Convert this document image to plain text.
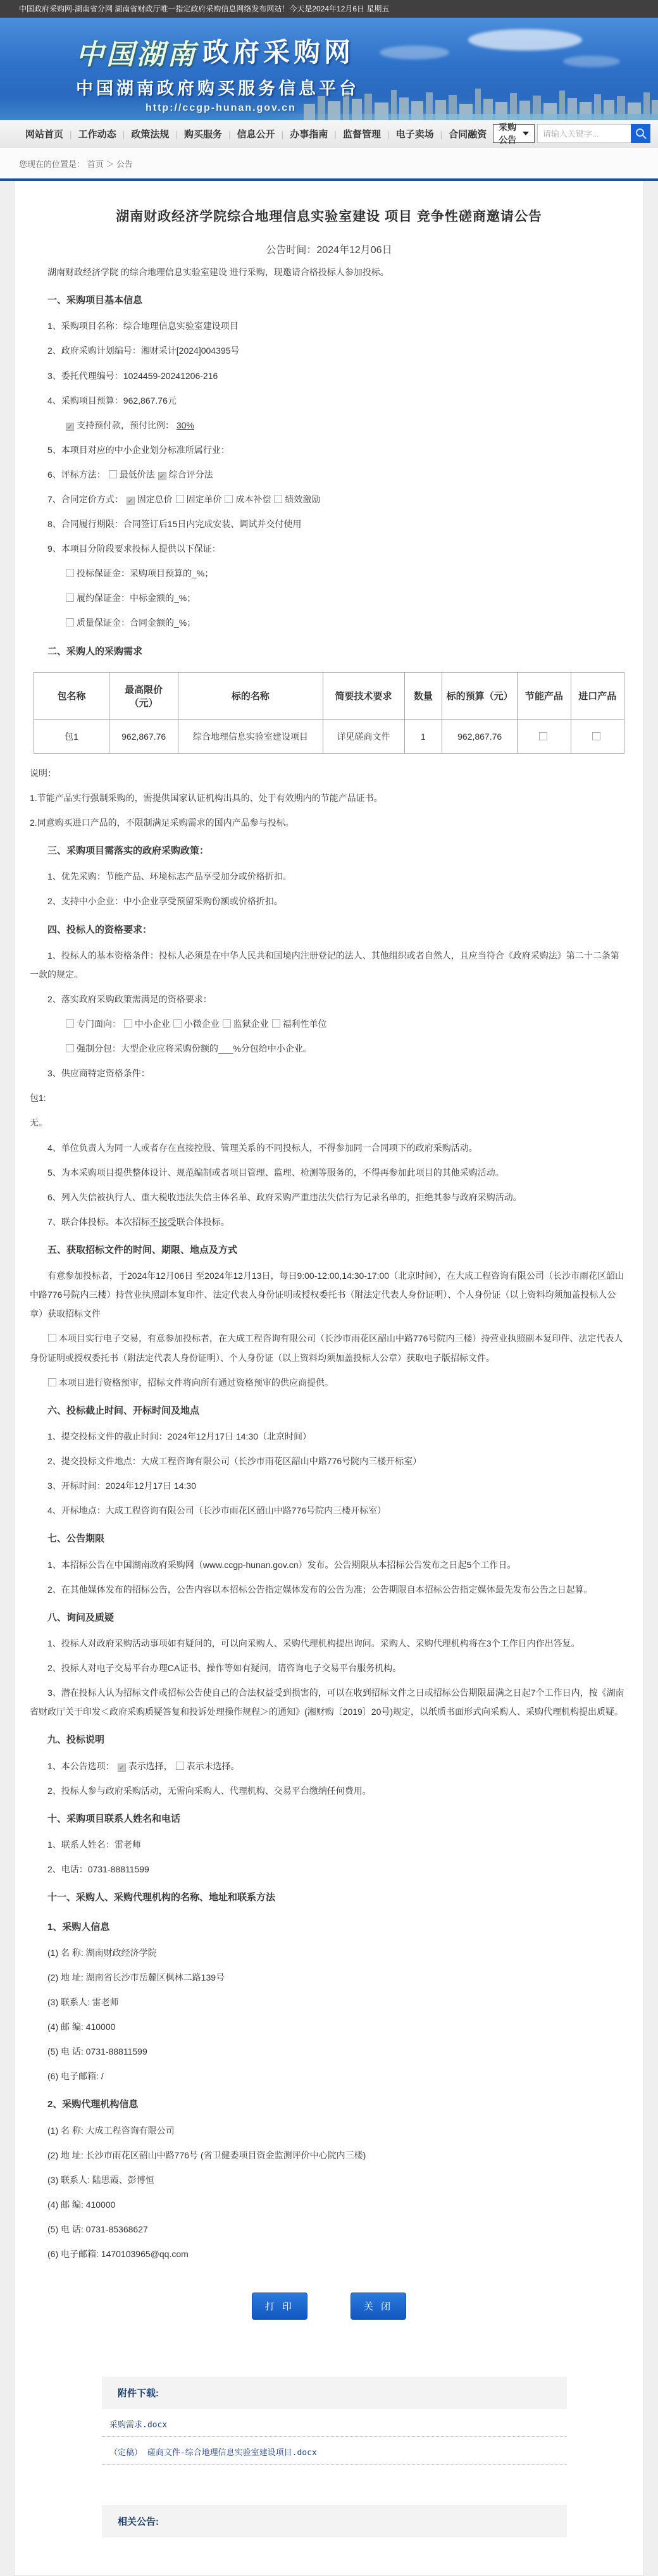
中国政府采购网-湖南省分网 湖南省财政厅唯一指定政府采购信息网络发布网站！今天是2024年12月6日 星期五
中国湖南 政府采购网
中国湖南政府购买服务信息平台
http://ccgp-hunan.gov.cn
网站首页 | 工作动态 | 政策法规 | 购买服务 | 信息公开 | 办事指南 | 监督管理 | 电子卖场 | 合同融资
采购公告
请输入关键字...
您现在的位置是： 首页 ＞ 公告
湖南财政经济学院综合地理信息实验室建设 项目 竞争性磋商邀请公告
公告时间：2024年12月06日
湖南财政经济学院 的综合地理信息实验室建设 进行采购，现邀请合格投标人参加投标。
一、采购项目基本信息
1、采购项目名称：综合地理信息实验室建设项目
2、政府采购计划编号：湘财采计[2024]004395号
3、委托代理编号：1024459-20241206-216
4、采购项目预算：962,867.76元
✓ 支持预付款，预付比例： 30%
5、本项目对应的中小企业划分标准所属行业：
6、评标方法： 最低价法 ✓ 综合评分法
7、合同定价方式： ✓ 固定总价 固定单价 成本补偿 绩效激励
8、合同履行期限：合同签订后15日内完成安装、调试并交付使用
9、本项目分阶段要求投标人提供以下保证：
投标保证金：采购项目预算的_%；
履约保证金：中标金额的_%；
质量保证金：合同金额的_%；
二、采购人的采购需求
包名称	最高限价（元）	标的名称	简要技术要求	数量	标的预算（元）	节能产品	进口产品
包1	962,867.76	综合地理信息实验室建设项目	详见磋商文件	1	962,867.76		
说明：
1.节能产品实行强制采购的，需提供国家认证机构出具的、处于有效期内的节能产品证书。
2.同意购买进口产品的，不限制满足采购需求的国内产品参与投标。
三、采购项目需落实的政府采购政策：
1、优先采购：节能产品、环境标志产品享受加分或价格折扣。
2、支持中小企业：中小企业享受预留采购份额或价格折扣。
四、投标人的资格要求：
1、投标人的基本资格条件：投标人必须是在中华人民共和国境内注册登记的法人、其他组织或者自然人，且应当符合《政府采购法》第二十二条第一款的规定。
2、落实政府采购政策需满足的资格要求：
专门面向： 中小企业 小微企业 监狱企业 福利性单位
强制分包：大型企业应将采购份额的___%分包给中小企业。
3、供应商特定资格条件：
包1:
无。
4、单位负责人为同一人或者存在直接控股、管理关系的不同投标人，不得参加同一合同项下的政府采购活动。
5、为本采购项目提供整体设计、规范编制或者项目管理、监理、检测等服务的，不得再参加此项目的其他采购活动。
6、列入失信被执行人、重大税收违法失信主体名单、政府采购严重违法失信行为记录名单的，拒绝其参与政府采购活动。
7、联合体投标。本次招标不接受联合体投标。
五、获取招标文件的时间、期限、地点及方式
有意参加投标者，于2024年12月06日 至2024年12月13日，每日9:00-12:00,14:30-17:00（北京时间），在大成工程咨询有限公司（长沙市雨花区韶山中路776号院内三楼）持营业执照副本复印件、法定代表人身份证明或授权委托书（附法定代表人身份证明）、个人身份证（以上资料均须加盖投标人公章）获取招标文件
本项目实行电子交易，有意参加投标者，在大成工程咨询有限公司（长沙市雨花区韶山中路776号院内三楼）持营业执照副本复印件、法定代表人身份证明或授权委托书（附法定代表人身份证明）、个人身份证（以上资料均须加盖投标人公章）获取电子版招标文件。
本项目进行资格预审，招标文件将向所有通过资格预审的供应商提供。
六、投标截止时间、开标时间及地点
1、提交投标文件的截止时间：2024年12月17日 14:30（北京时间）
2、提交投标文件地点：大成工程咨询有限公司（长沙市雨花区韶山中路776号院内三楼开标室）
3、开标时间：2024年12月17日 14:30
4、开标地点：大成工程咨询有限公司（长沙市雨花区韶山中路776号院内三楼开标室）
七、公告期限
1、本招标公告在中国湖南政府采购网（www.ccgp-hunan.gov.cn）发布。公告期限从本招标公告发布之日起5个工作日。
2、在其他媒体发布的招标公告，公告内容以本招标公告指定媒体发布的公告为准；公告期限自本招标公告指定媒体最先发布公告之日起算。
八、询问及质疑
1、投标人对政府采购活动事项如有疑问的，可以向采购人、采购代理机构提出询问。采购人、采购代理机构将在3个工作日内作出答复。
2、投标人对电子交易平台办理CA证书、操作等如有疑问，请咨询电子交易平台服务机构。
3、潜在投标人认为招标文件或招标公告使自己的合法权益受到损害的，可以在收到招标文件之日或招标公告期限届满之日起7个工作日内，按《湖南省财政厅关于印发＜政府采购质疑答复和投诉处理操作规程＞的通知》(湘财购〔2019〕20号)规定，以纸质书面形式向采购人、采购代理机构提出质疑。
九、投标说明
1、本公告选项： ✓ 表示选择， 表示未选择。
2、投标人参与政府采购活动，无需向采购人、代理机构、交易平台缴纳任何费用。
十、采购项目联系人姓名和电话
1、联系人姓名：雷老师
2、电话：0731-88811599
十一、采购人、采购代理机构的名称、地址和联系方法
1、采购人信息
(1) 名 称: 湖南财政经济学院
(2) 地 址: 湖南省长沙市岳麓区枫林二路139号
(3) 联系人: 雷老师
(4) 邮 编: 410000
(5) 电 话: 0731-88811599
(6) 电子邮箱: /
2、采购代理机构信息
(1) 名 称: 大成工程咨询有限公司
(2) 地 址: 长沙市雨花区韶山中路776号 (省卫健委项目资金监测评价中心院内三楼)
(3) 联系人: 陆思霞、彭博恒
(4) 邮 编: 410000
(5) 电 话: 0731-85368627
(6) 电子邮箱: 1470103965@qq.com
打 印	关 闭
附件下载:
采购需求.docx
（定稿） 磋商文件-综合地理信息实验室建设项目.docx
相关公告:
